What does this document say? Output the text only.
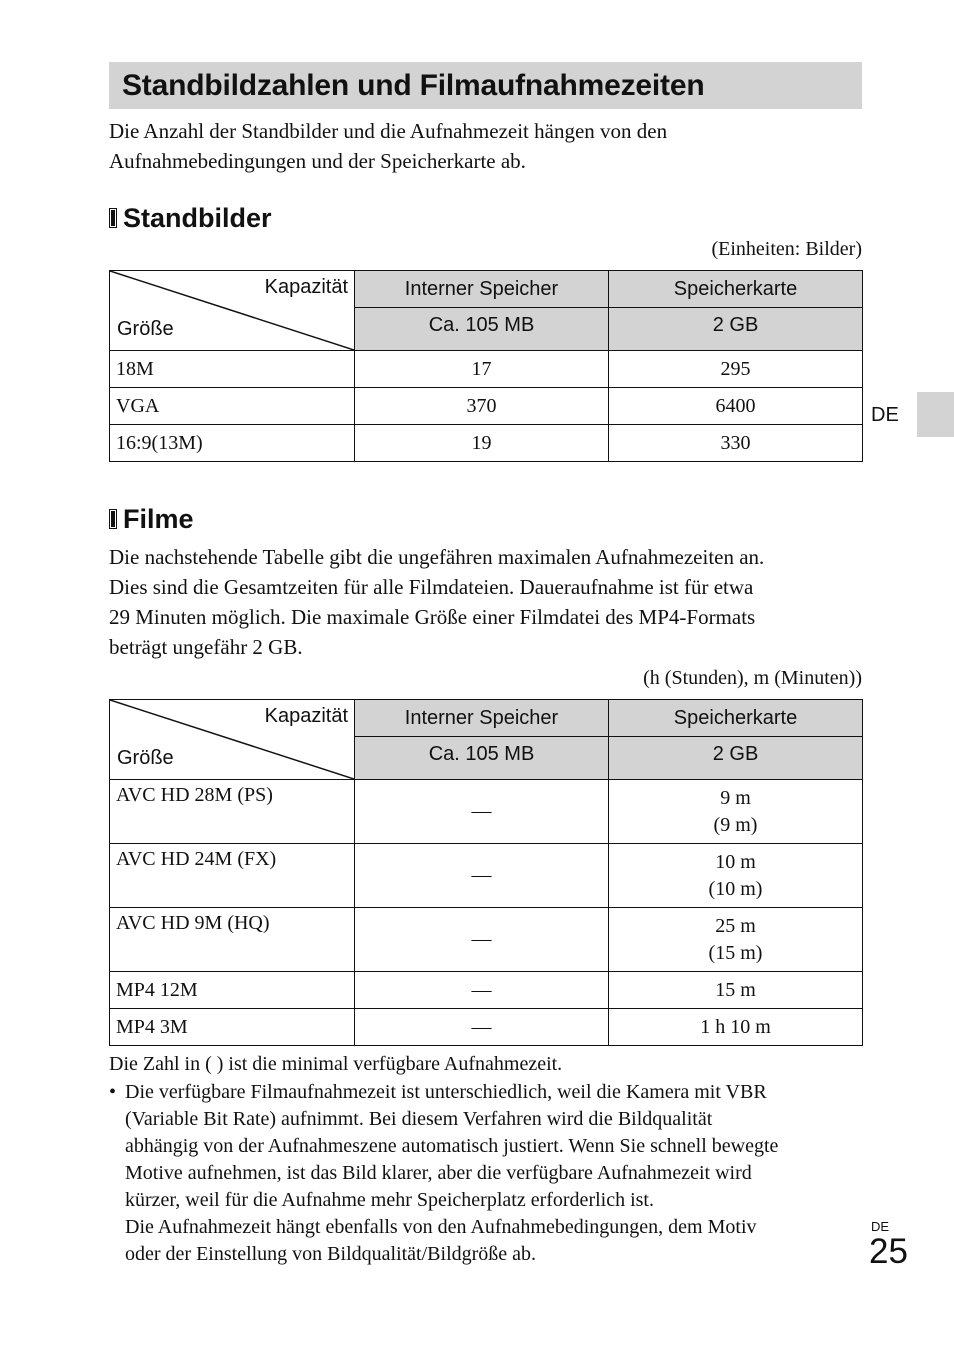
Standbildzahlen und Filmaufnahmezeiten

Die Anzahl der Standbilder und die Aufnahmezeit hängen von den
Aufnahmebedingungen und der Speicherkarte ab.

Standbilder
(Einheiten: Bilder)
Kapazität
Größe	Interner Speicher	Speicherkarte
	Ca. 105 MB	2 GB
18M	17	295
VGA	370	6400
16:9(13M)	19	330
DE
Filme

Die nachstehende Tabelle gibt die ungefähren maximalen Aufnahmezeiten an.
Dies sind die Gesamtzeiten für alle Filmdateien. Daueraufnahme ist für etwa
29 Minuten möglich. Die maximale Größe einer Filmdatei des MP4-Formats
beträgt ungefähr 2 GB.

(h (Stunden), m (Minuten))
Kapazität
Größe	Interner Speicher	Speicherkarte
	Ca. 105 MB	2 GB
AVC HD 28M (PS)	—	9 m
(9 m)
AVC HD 24M (FX)	—	10 m
(10 m)
AVC HD 9M (HQ)	—	25 m
(15 m)
MP4 12M	—	15 m
MP4 3M	—	1 h 10 m

Die Zahl in ( ) ist die minimal verfügbare Aufnahmezeit.

• Die verfügbare Filmaufnahmezeit ist unterschiedlich, weil die Kamera mit VBR
(Variable Bit Rate) aufnimmt. Bei diesem Verfahren wird die Bildqualität
abhängig von der Aufnahmeszene automatisch justiert. Wenn Sie schnell bewegte
Motive aufnehmen, ist das Bild klarer, aber die verfügbare Aufnahmezeit wird
kürzer, weil für die Aufnahme mehr Speicherplatz erforderlich ist.
Die Aufnahmezeit hängt ebenfalls von den Aufnahmebedingungen, dem Motiv
oder der Einstellung von Bildqualität/Bildgröße ab.
DE
25
